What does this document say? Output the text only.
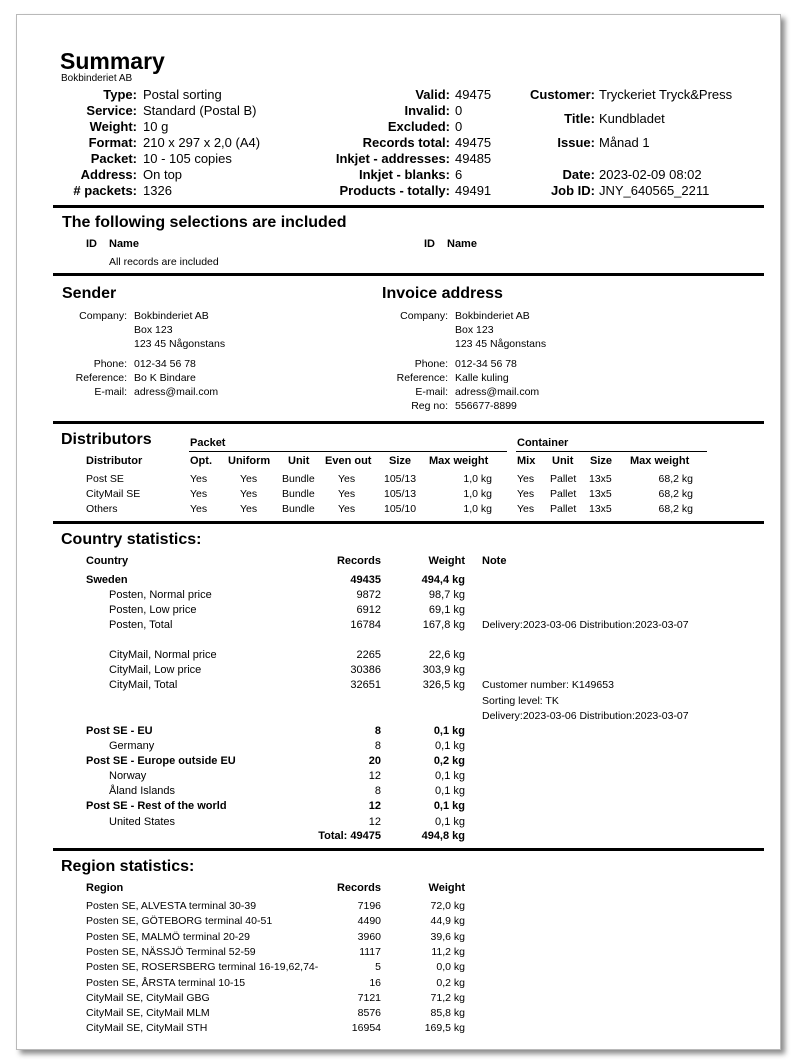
Summary
Bokbinderiet AB
Type: Postal sorting
Service: Standard (Postal B)
Weight: 10 g
Format: 210 x 297 x 2,0 (A4)
Packet: 10 - 105 copies
Address: On top
# packets: 1326
Valid: 49475
Invalid: 0
Excluded: 0
Records total: 49475
Inkjet - addresses: 49485
Inkjet - blanks: 6
Products - totally: 49491
Customer: Tryckeriet Tryck&Press
Title: Kundbladet
Issue: Månad 1
Date: 2023-02-09 08:02
Job ID: JNY_640565_2211
The following selections are included
ID Name	ID Name
All records are included
Sender
Company: Bokbinderiet AB
Box 123
123 45 Någonstans
Phone: 012-34 56 78
Reference: Bo K Bindare
E-mail: adress@mail.com
Invoice address
Company: Bokbinderiet AB
Box 123
123 45 Någonstans
Phone: 012-34 56 78
Reference: Kalle kuling
E-mail: adress@mail.com
Reg no: 556677-8899
Distributors	Packet	Container
Distributor	Opt. Uniform Unit Even out Size Max weight	Mix Unit Size Max weight
Post SE	Yes	Yes Bundle Yes	105/13	1,0 kg Yes Pallet 13x5	68,2 kg
CityMail SE	Yes	Yes Bundle Yes	105/13	1,0 kg Yes Pallet 13x5	68,2 kg
Others	Yes	Yes Bundle Yes	105/10	1,0 kg Yes Pallet 13x5	68,2 kg
Country statistics:
Country	Records	Weight Note
Sweden	49435	494,4 kg
Posten, Normal price	9872	98,7 kg
Posten, Low price	6912	69,1 kg
Posten, Total	16784	167,8 kg Delivery:2023-03-06 Distribution:2023-03-07
CityMail, Normal price	2265	22,6 kg
CityMail, Low price	30386	303,9 kg
CityMail, Total	32651	326,5 kg Customer number: K149653
Sorting level: TK
Delivery:2023-03-06 Distribution:2023-03-07
Post SE - EU	8	0,1 kg
Germany	8	0,1 kg
Post SE - Europe outside EU	20	0,2 kg
Norway	12	0,1 kg
Åland Islands	8	0,1 kg
Post SE - Rest of the world	12	0,1 kg
United States	12	0,1 kg
Total: 49475	494,8 kg
Region statistics:
Region	Records	Weight
Posten SE, ALVESTA terminal 30-39	7196	72,0 kg
Posten SE, GÖTEBORG terminal 40-51	4490	44,9 kg
Posten SE, MALMÖ terminal 20-29	3960	39,6 kg
Posten SE, NÄSSJÖ Terminal 52-59	1117	11,2 kg
Posten SE, ROSERSBERG terminal 16-19,62,74-	5	0,0 kg
Posten SE, ÅRSTA terminal 10-15	16	0,2 kg
CityMail SE, CityMail GBG	7121	71,2 kg
CityMail SE, CityMail MLM	8576	85,8 kg
CityMail SE, CityMail STH	16954	169,5 kg
